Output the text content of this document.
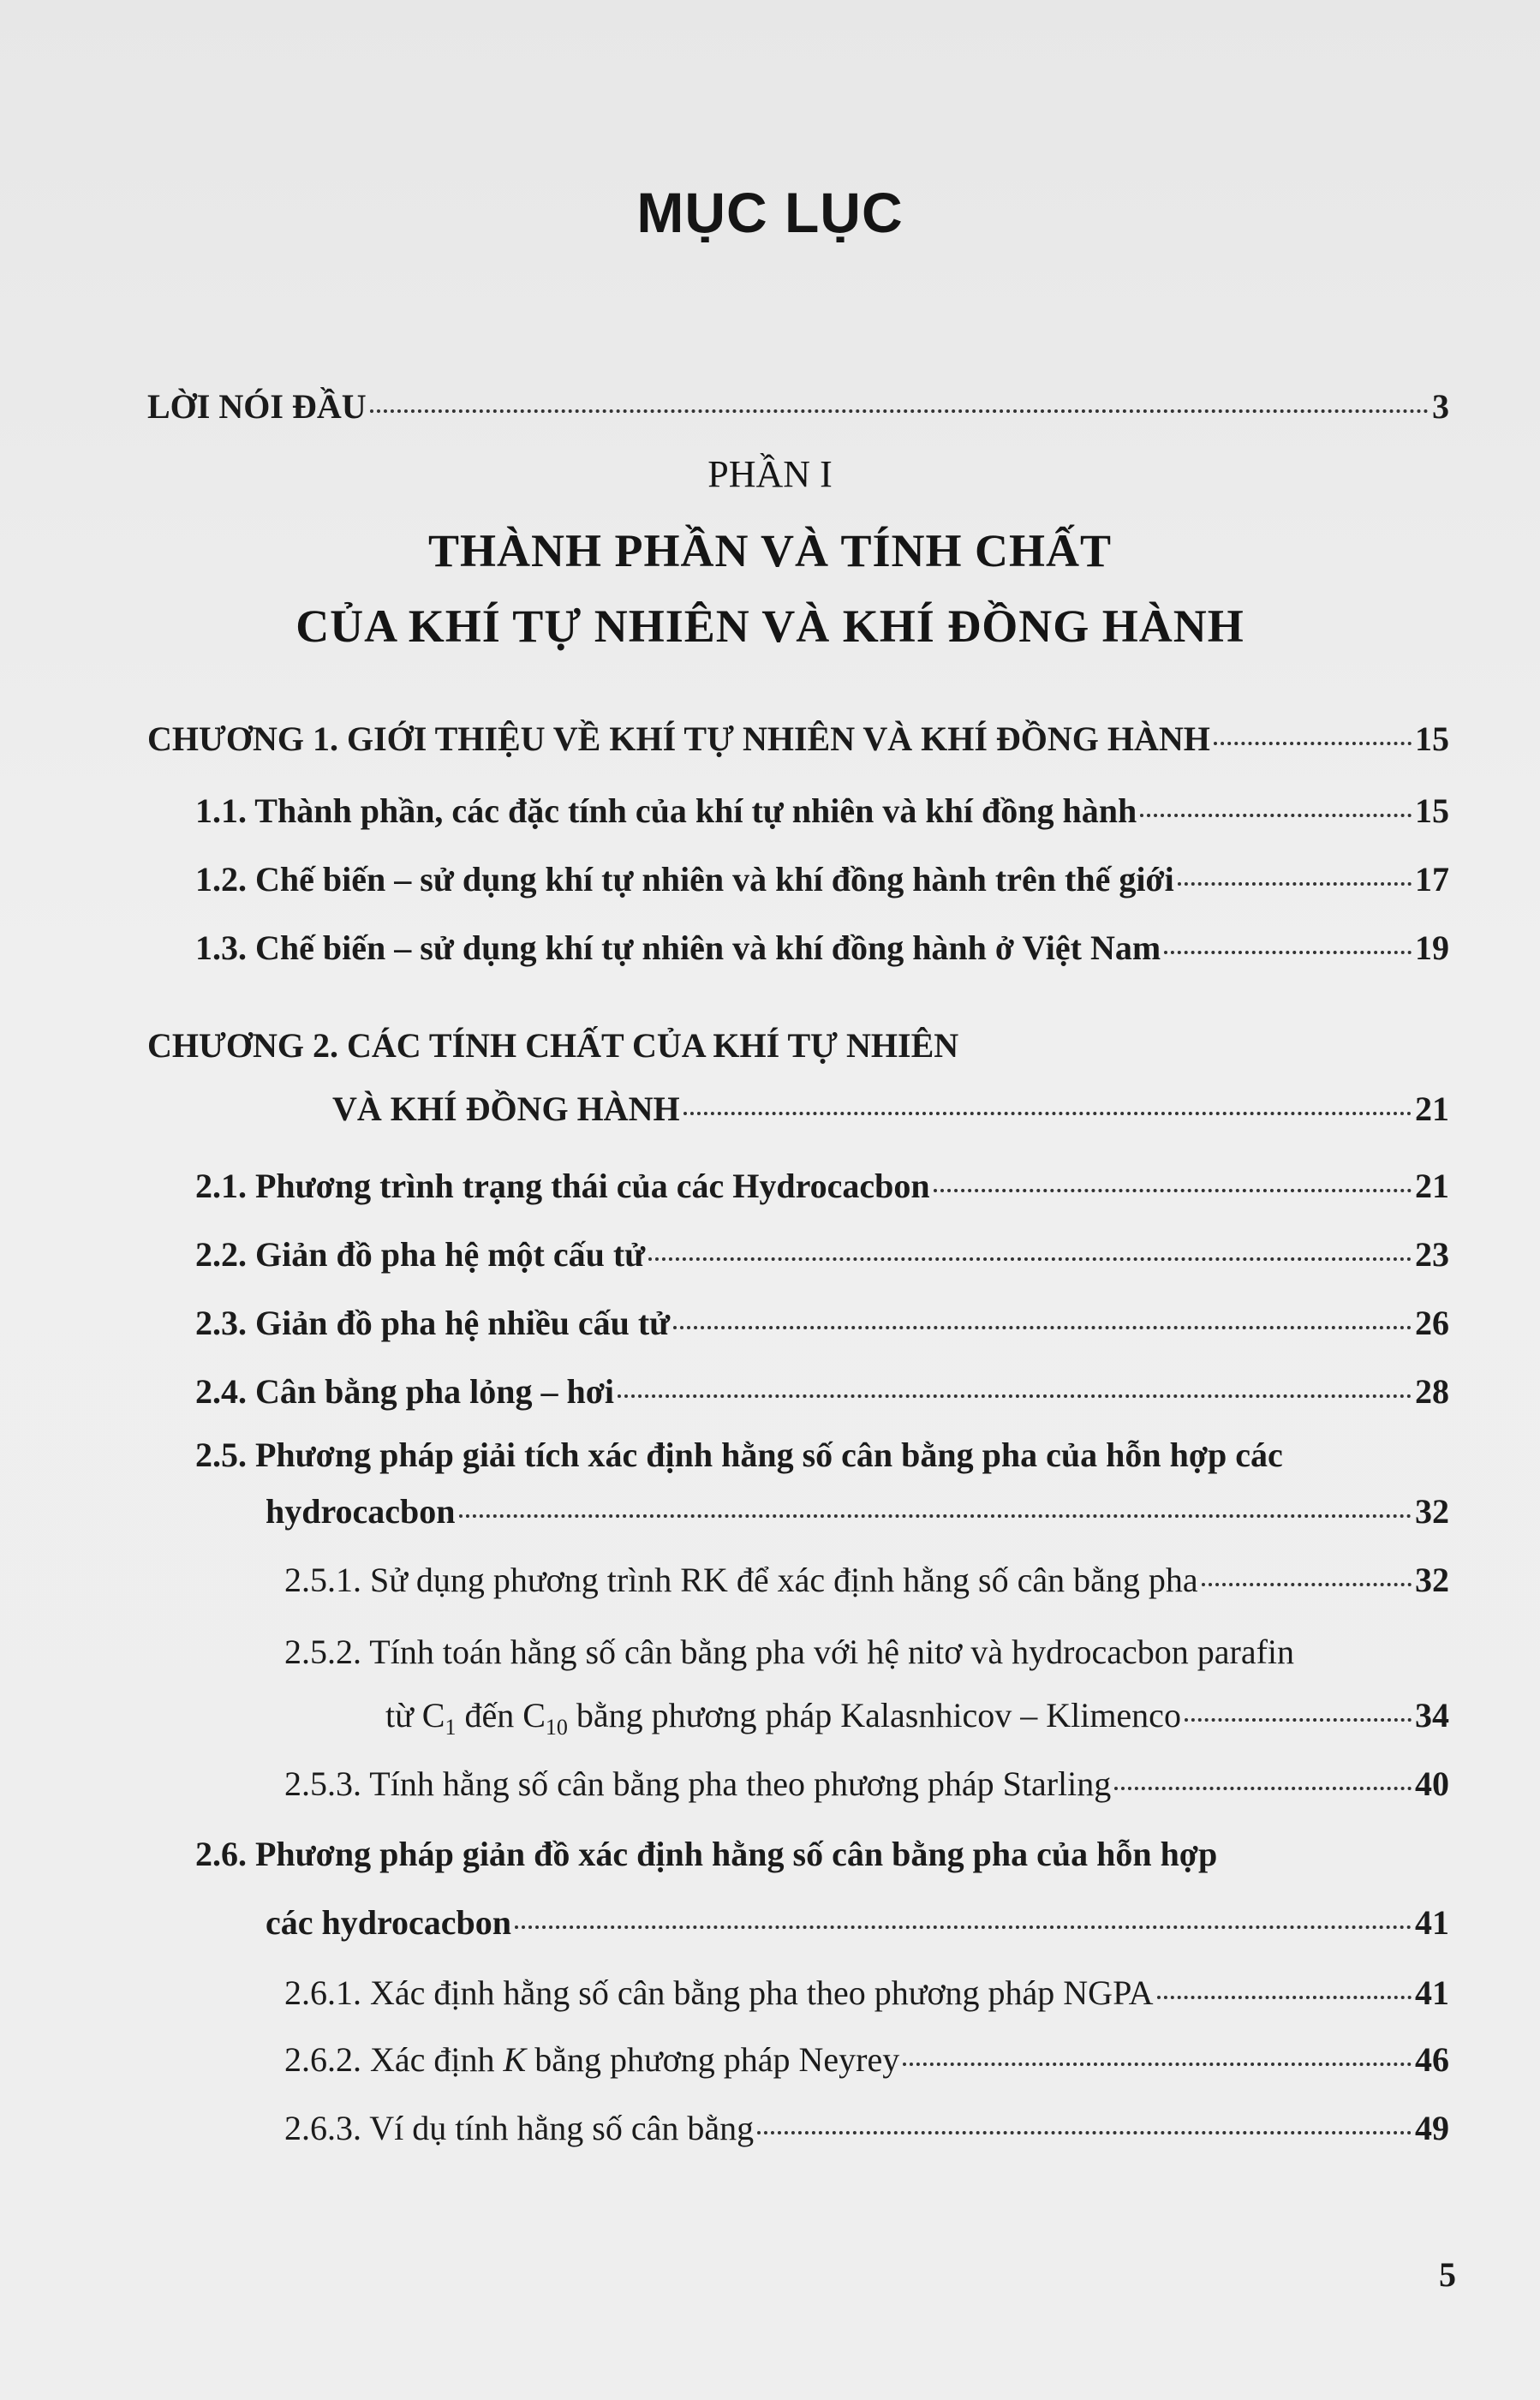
MỤC LỤC
LỜI NÓI ĐẦU	3
PHẦN I
THÀNH PHẦN VÀ TÍNH CHẤT
CỦA KHÍ TỰ NHIÊN VÀ KHÍ ĐỒNG HÀNH
CHƯƠNG 1. GIỚI THIỆU VỀ KHÍ TỰ NHIÊN VÀ KHÍ ĐỒNG HÀNH	15
1.1. Thành phần, các đặc tính của khí tự nhiên và khí đồng hành	15
1.2. Chế biến – sử dụng khí tự nhiên và khí đồng hành trên thế giới	17
1.3. Chế biến – sử dụng khí tự nhiên và khí đồng hành ở Việt Nam	19
CHƯƠNG 2. CÁC TÍNH CHẤT CỦA KHÍ TỰ NHIÊN
VÀ KHÍ ĐỒNG HÀNH	21
2.1. Phương trình trạng thái của các Hydrocacbon	21
2.2. Giản đồ pha hệ một cấu tử	23
2.3. Giản đồ pha hệ nhiều cấu tử	26
2.4. Cân bằng pha lỏng – hơi	28
2.5. Phương pháp giải tích xác định hằng số cân bằng pha của hỗn hợp các
hydrocacbon	32
2.5.1. Sử dụng phương trình RK để xác định hằng số cân bằng pha	32
2.5.2. Tính toán hằng số cân bằng pha với hệ nitơ và hydrocacbon parafin
từ $C_1$ đến $C_{10}$ bằng phương pháp Kalasnhicov – Klimenco	34
2.5.3. Tính hằng số cân bằng pha theo phương pháp Starling	40
2.6. Phương pháp giản đồ xác định hằng số cân bằng pha của hỗn hợp
các hydrocacbon	41
2.6.1. Xác định hằng số cân bằng pha theo phương pháp NGPA	41
2.6.2. Xác định K bằng phương pháp Neyrey	46
2.6.3. Ví dụ tính hằng số cân bằng	49
5
